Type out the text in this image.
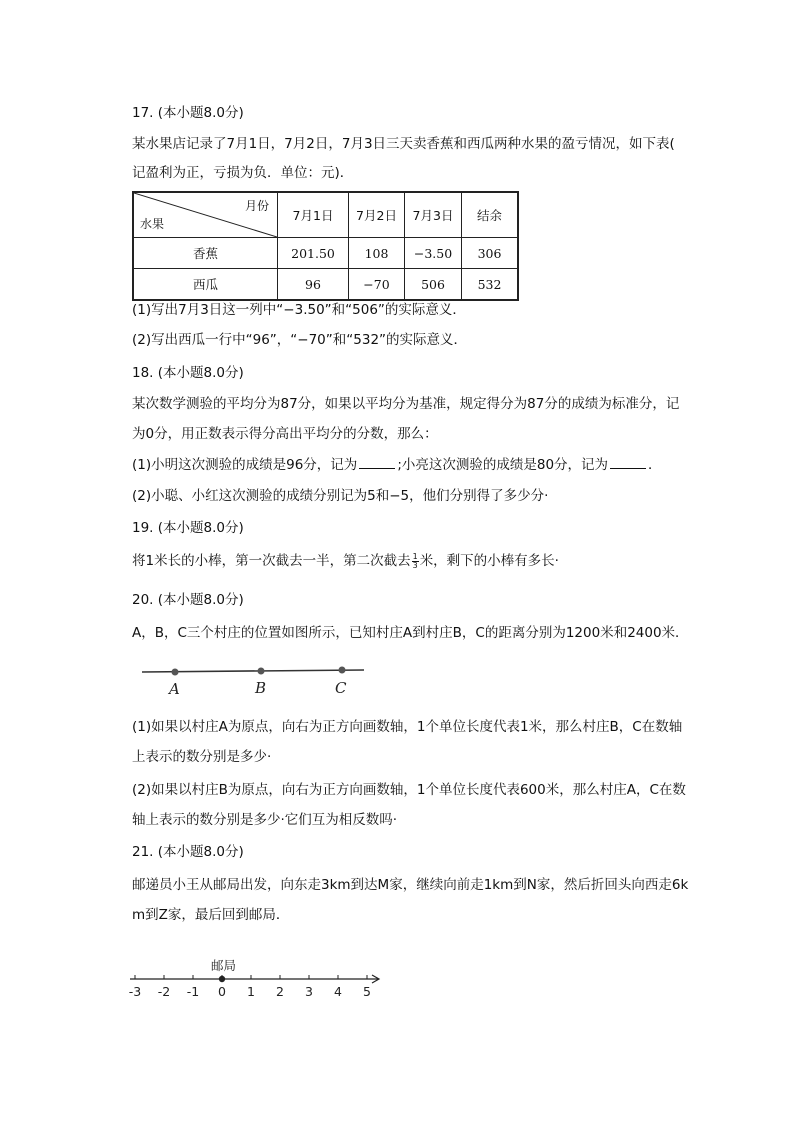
17. (本小题8.0分)
某水果店记录了7月1日，7月2日，7月3日三天卖香蕉和西瓜两种水果的盈亏情况，如下表(
记盈利为正，亏损为负．单位：元)．
月份
水果	7月1日	7月2日	7月3日	结余
香蕉	201.50	108	−3.50	306
西瓜	96	−70	506	532
(1)写出7月3日这一列中“−3.50”和“506”的实际意义．
(2)写出西瓜一行中“96”，“−70”和“532”的实际意义．
18. (本小题8.0分)
某次数学测验的平均分为87分，如果以平均分为基准，规定得分为87分的成绩为标准分，记
为0分，用正数表示得分高出平均分的分数，那么：
(1)小明这次测验的成绩是96分，记为	;小亮这次测验的成绩是80分，记为	．
(2)小聪、小红这次测验的成绩分别记为5和−5，他们分别得了多少分·
19. (本小题8.0分)
将1米长的小棒，第一次截去一半，第二次截去 $\frac{1}{3}$ 米，剩下的小棒有多长·
20. (本小题8.0分)
A，B，C三个村庄的位置如图所示，已知村庄A到村庄B，C的距离分别为1200米和2400米．
A	B	C
(1)如果以村庄A为原点，向右为正方向画数轴，1个单位长度代表1米，那么村庄B，C在数轴
上表示的数分别是多少·
(2)如果以村庄B为原点，向右为正方向画数轴，1个单位长度代表600米，那么村庄A，C在数
轴上表示的数分别是多少·它们互为相反数吗·
21. (本小题8.0分)
邮递员小王从邮局出发，向东走3km到达M家，继续向前走1km到N家，然后折回头向西走6k
m到Z家，最后回到邮局．
邮局
-3 -2 -1 0 1 2 3 4 5
